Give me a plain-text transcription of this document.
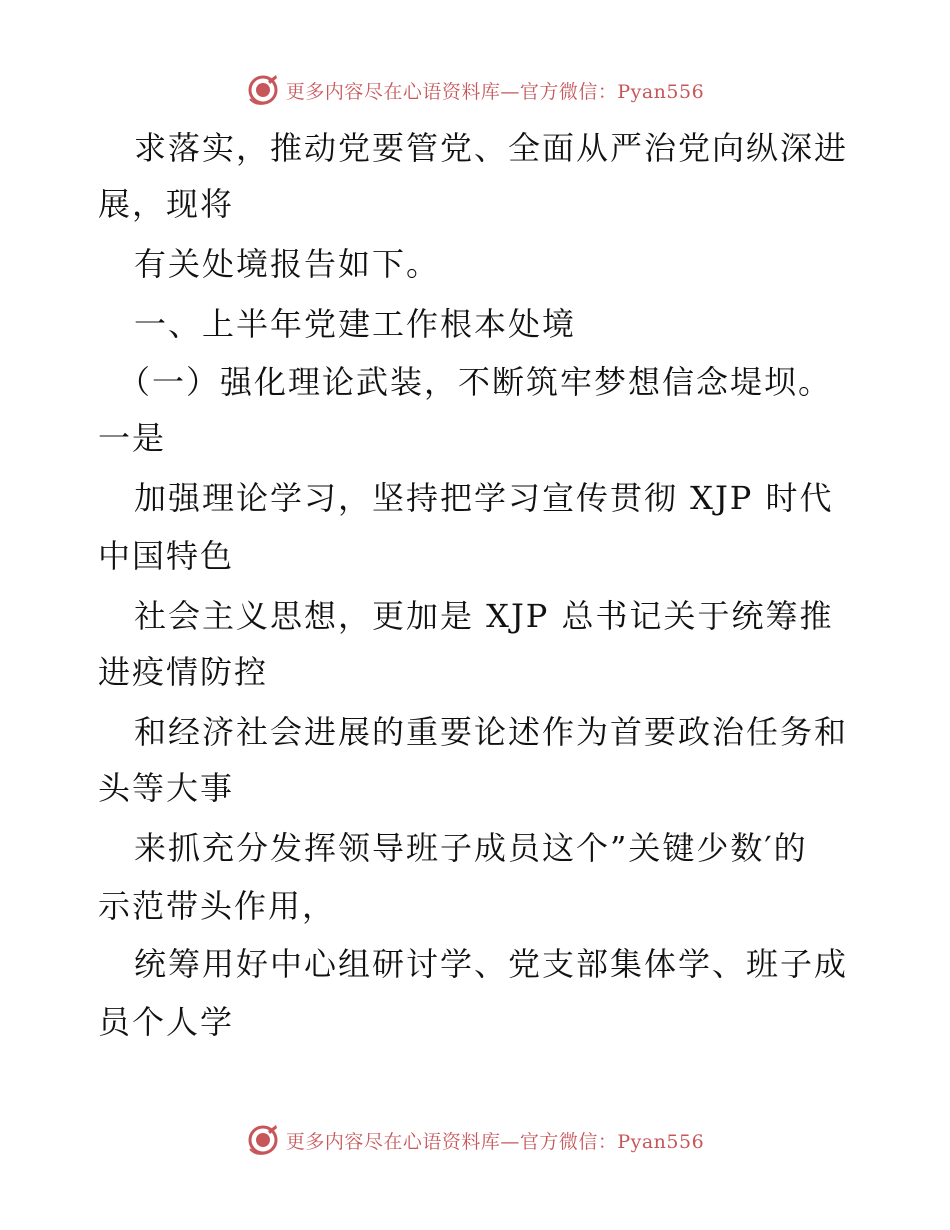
更多内容尽在心语资料库—官方微信：Pyan556
求落实，推动党要管党、全面从严治党向纵深进
展，现将
有关处境报告如下。
一、上半年党建工作根本处境
（一）强化理论武装，不断筑牢梦想信念堤坝。
一是
加强理论学习，坚持把学习宣传贯彻 XJP 时代
中国特色
社会主义思想，更加是 XJP 总书记关于统筹推
进疫情防控
和经济社会进展的重要论述作为首要政治任务和
头等大事
来抓充分发挥领导班子成员这个”关键少数′的
示范带头作用，
统筹用好中心组研讨学、党支部集体学、班子成
员个人学
更多内容尽在心语资料库—官方微信：Pyan556
